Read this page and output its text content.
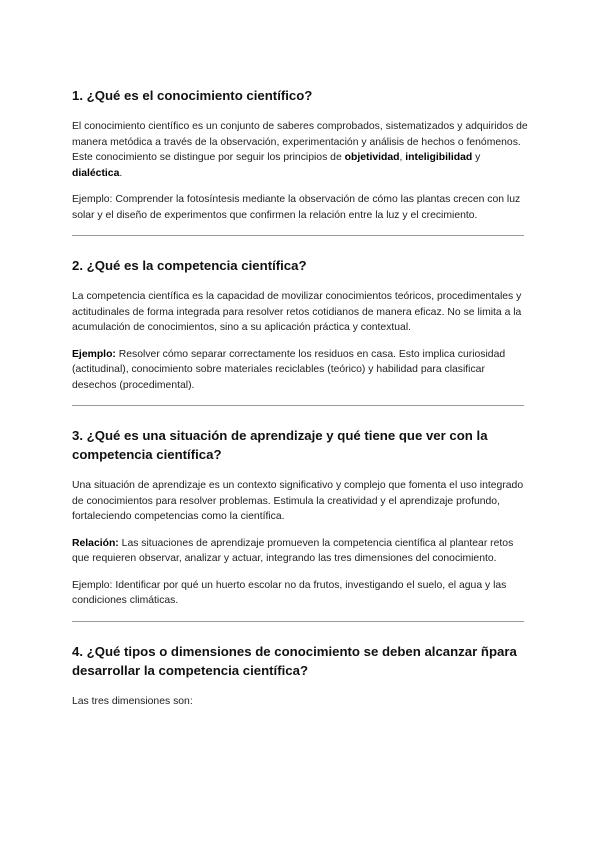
1. ¿Qué es el conocimiento científico?

El conocimiento científico es un conjunto de saberes comprobados, sistematizados y adquiridos de manera metódica a través de la observación, experimentación y análisis de hechos o fenómenos. Este conocimiento se distingue por seguir los principios de objetividad, inteligibilidad y dialéctica.

Ejemplo: Comprender la fotosíntesis mediante la observación de cómo las plantas crecen con luz solar y el diseño de experimentos que confirmen la relación entre la luz y el crecimiento.

2. ¿Qué es la competencia científica?

La competencia científica es la capacidad de movilizar conocimientos teóricos, procedimentales y actitudinales de forma integrada para resolver retos cotidianos de manera eficaz. No se limita a la acumulación de conocimientos, sino a su aplicación práctica y contextual.

Ejemplo: Resolver cómo separar correctamente los residuos en casa. Esto implica curiosidad (actitudinal), conocimiento sobre materiales reciclables (teórico) y habilidad para clasificar desechos (procedimental).

3. ¿Qué es una situación de aprendizaje y qué tiene que ver con la competencia científica?

Una situación de aprendizaje es un contexto significativo y complejo que fomenta el uso integrado de conocimientos para resolver problemas. Estimula la creatividad y el aprendizaje profundo, fortaleciendo competencias como la científica.

Relación: Las situaciones de aprendizaje promueven la competencia científica al plantear retos que requieren observar, analizar y actuar, integrando las tres dimensiones del conocimiento.

Ejemplo: Identificar por qué un huerto escolar no da frutos, investigando el suelo, el agua y las condiciones climáticas.

4. ¿Qué tipos o dimensiones de conocimiento se deben alcanzar ñpara desarrollar la competencia científica?

Las tres dimensiones son:
